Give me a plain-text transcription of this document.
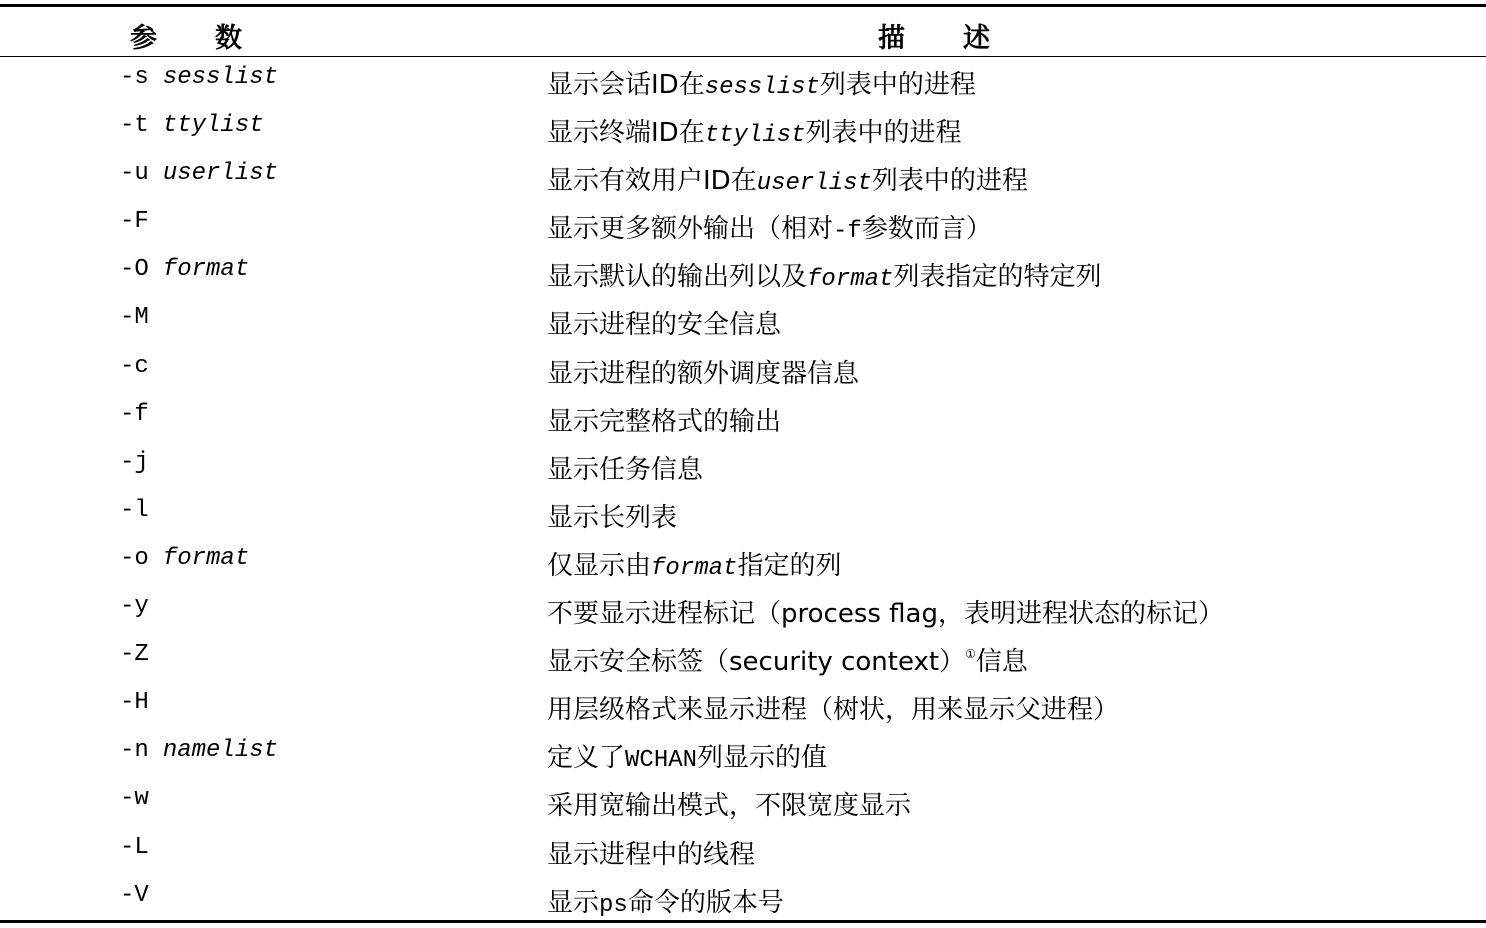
参数	描述
-s sesslist	显示会话ID在sesslist列表中的进程
-t ttylist	显示终端ID在ttylist列表中的进程
-u userlist	显示有效用户ID在userlist列表中的进程
-F	显示更多额外输出（相对-f参数而言）
-O format	显示默认的输出列以及format列表指定的特定列
-M	显示进程的安全信息
-c	显示进程的额外调度器信息
-f	显示完整格式的输出
-j	显示任务信息
-l	显示长列表
-o format	仅显示由format指定的列
-y	不要显示进程标记（process flag，表明进程状态的标记）
-Z	显示安全标签（security context）①信息
-H	用层级格式来显示进程（树状，用来显示父进程）
-n namelist	定义了WCHAN列显示的值
-w	采用宽输出模式，不限宽度显示
-L	显示进程中的线程
-V	显示ps命令的版本号
